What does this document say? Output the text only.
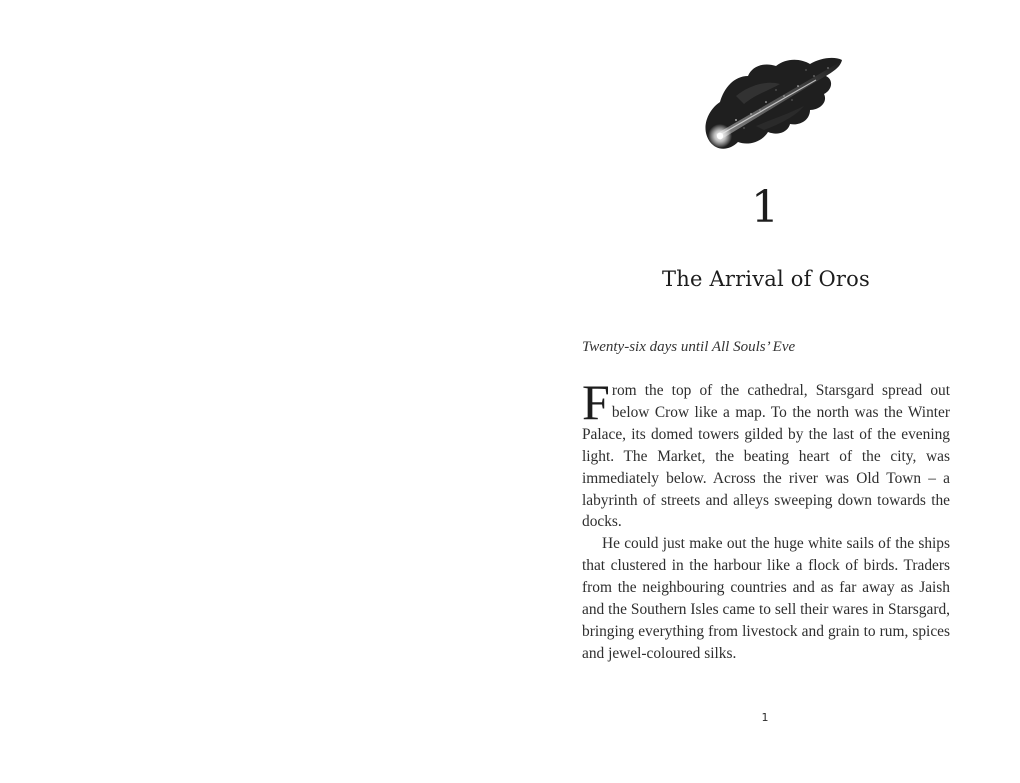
1
The Arrival of Oros
Twenty-six days until All Souls’ Eve

From the top of the cathedral, Starsgard spread out below Crow like a map. To the north was the Winter Palace, its domed towers gilded by the last of the evening light. The Market, the beating heart of the city, was immediately below. Across the river was Old Town – a labyrinth of streets and alleys sweeping down towards the docks.

He could just make out the huge white sails of the ships that clustered in the harbour like a flock of birds. Traders from the neighbouring countries and as far away as Jaish and the Southern Isles came to sell their wares in Starsgard, bringing everything from livestock and grain to rum, spices and jewel-coloured silks.

1
